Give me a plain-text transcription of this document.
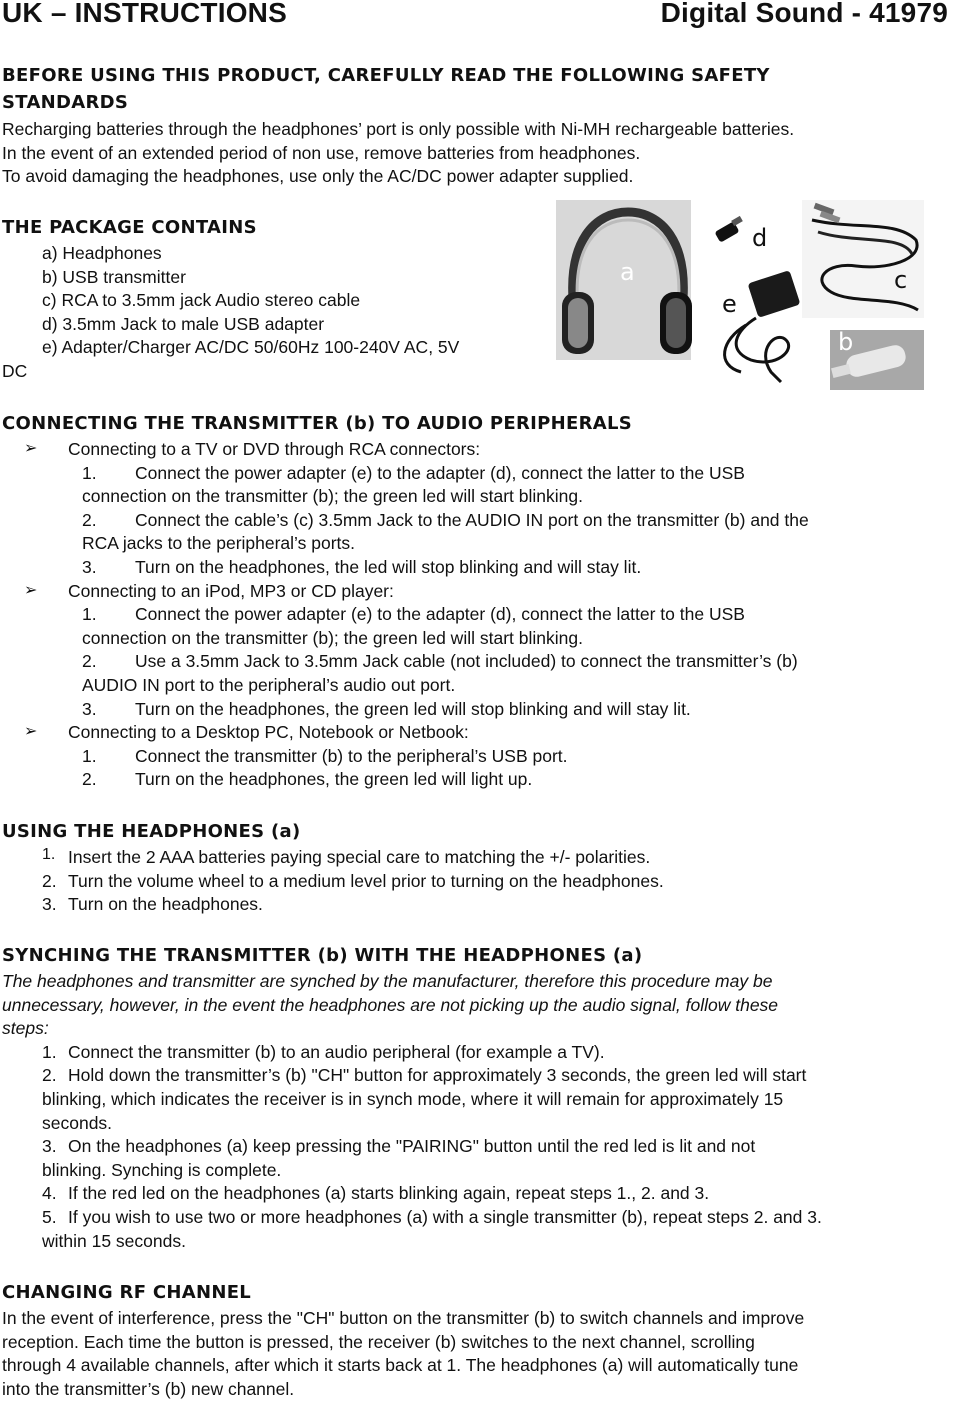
UK – INSTRUCTIONS	Digital Sound - 41979

BEFORE USING THIS PRODUCT, CAREFULLY READ THE FOLLOWING SAFETY

STANDARDS

Recharging batteries through the headphones’ port is only possible with Ni-MH rechargeable batteries.

In the event of an extended period of non use, remove batteries from headphones.

To avoid damaging the headphones, use only the AC/DC power adapter supplied.

THE PACKAGE CONTAINS

a) Headphones

b) USB transmitter

c) RCA to 3.5mm jack Audio stereo cable

d) 3.5mm Jack to male USB adapter

e) Adapter/Charger AC/DC 50/60Hz 100-240V AC, 5V

DC

a
d
e
c
b

CONNECTING THE TRANSMITTER (b) TO AUDIO PERIPHERALS

➢ Connecting to a TV or DVD through RCA connectors:

1. Connect the power adapter (e) to the adapter (d), connect the latter to the USB

connection on the transmitter (b); the green led will start blinking.

2. Connect the cable’s (c) 3.5mm Jack to the AUDIO IN port on the transmitter (b) and the

RCA jacks to the peripheral’s ports.

3. Turn on the headphones, the led will stop blinking and will stay lit.

➢ Connecting to an iPod, MP3 or CD player:

1. Connect the power adapter (e) to the adapter (d), connect the latter to the USB

connection on the transmitter (b); the green led will start blinking.

2. Use a 3.5mm Jack to 3.5mm Jack cable (not included) to connect the transmitter’s (b)

AUDIO IN port to the peripheral’s audio out port.

3. Turn on the headphones, the green led will stop blinking and will stay lit.

➢ Connecting to a Desktop PC, Notebook or Netbook:

1. Connect the transmitter (b) to the peripheral’s USB port.

2. Turn on the headphones, the green led will light up.

USING THE HEADPHONES (a)

1. Insert the 2 AAA batteries paying special care to matching the +/- polarities.

2. Turn the volume wheel to a medium level prior to turning on the headphones.

3. Turn on the headphones.

SYNCHING THE TRANSMITTER (b) WITH THE HEADPHONES (a)

The headphones and transmitter are synched by the manufacturer, therefore this procedure may be

unnecessary, however, in the event the headphones are not picking up the audio signal, follow these

steps:

1. Connect the transmitter (b) to an audio peripheral (for example a TV).

2. Hold down the transmitter’s (b) "CH" button for approximately 3 seconds, the green led will start

blinking, which indicates the receiver is in synch mode, where it will remain for approximately 15

seconds.

3. On the headphones (a) keep pressing the "PAIRING" button until the red led is lit and not

blinking. Synching is complete.

4. If the red led on the headphones (a) starts blinking again, repeat steps 1., 2. and 3.

5. If you wish to use two or more headphones (a) with a single transmitter (b), repeat steps 2. and 3.

within 15 seconds.

CHANGING RF CHANNEL

In the event of interference, press the "CH" button on the transmitter (b) to switch channels and improve

reception. Each time the button is pressed, the receiver (b) switches to the next channel, scrolling

through 4 available channels, after which it starts back at 1. The headphones (a) will automatically tune

into the transmitter’s (b) new channel.
